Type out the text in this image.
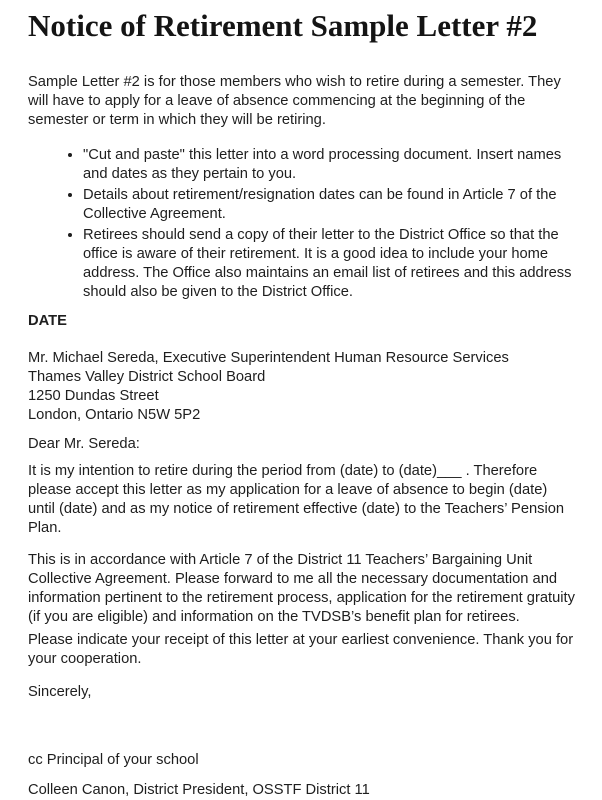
Notice of Retirement Sample Letter #2

Sample Letter #2 is for those members who wish to retire during a semester. They will have to apply for a leave of absence commencing at the beginning of the semester or term in which they will be retiring.

• "Cut and paste" this letter into a word processing document. Insert names and dates as they pertain to you.
• Details about retirement/resignation dates can be found in Article 7 of the Collective Agreement.
• Retirees should send a copy of their letter to the District Office so that the office is aware of their retirement. It is a good idea to include your home address. The Office also maintains an email list of retirees and this address should also be given to the District Office.

DATE

Mr. Michael Sereda, Executive Superintendent Human Resource Services

Thames Valley District School Board

1250 Dundas Street

London, Ontario N5W 5P2

Dear Mr. Sereda:

It is my intention to retire during the period from (date) to (date)___ . Therefore please accept this letter as my application for a leave of absence to begin (date) until (date) and as my notice of retirement effective (date) to the Teachers’ Pension Plan.

This is in accordance with Article 7 of the District 11 Teachers’ Bargaining Unit Collective Agreement. Please forward to me all the necessary documentation and information pertinent to the retirement process, application for the retirement gratuity (if you are eligible) and information on the TVDSB’s benefit plan for retirees.

Please indicate your receipt of this letter at your earliest convenience. Thank you for your cooperation.

Sincerely,

cc Principal of your school

Colleen Canon, District President, OSSTF District 11
